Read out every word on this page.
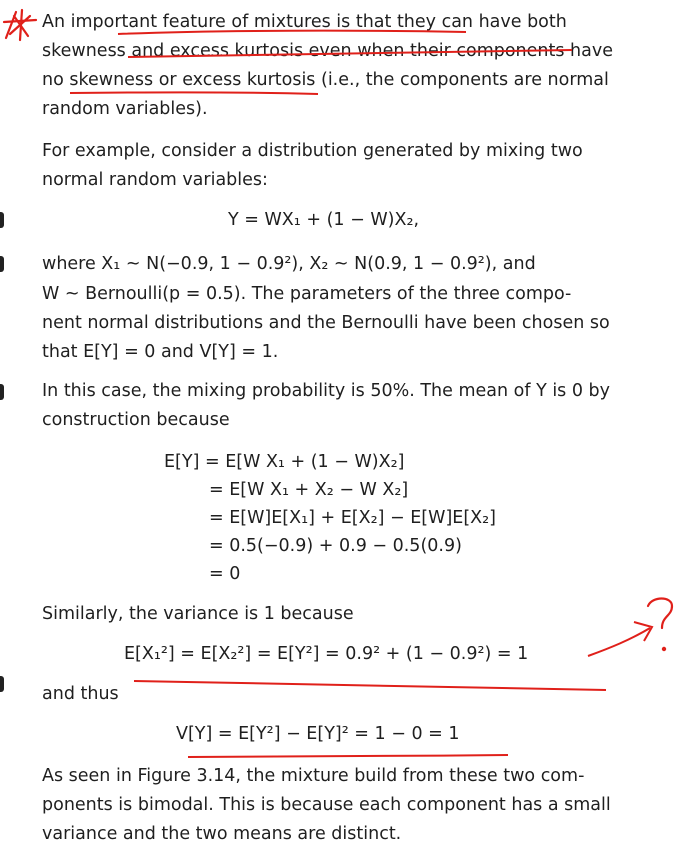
An important feature of mixtures is that they can have both

skewness and excess kurtosis even when their components have

no skewness or excess kurtosis (i.e., the components are normal

random variables).

For example, consider a distribution generated by mixing two

normal random variables:

Y = WX₁ + (1 − W)X₂,

where X₁ ~ N(−0.9, 1 − 0.9²), X₂ ~ N(0.9, 1 − 0.9²), and

W ~ Bernoulli(p = 0.5). The parameters of the three compo-

nent normal distributions and the Bernoulli have been chosen so

that E[Y] = 0 and V[Y] = 1.

In this case, the mixing probability is 50%. The mean of Y is 0 by

construction because

E[Y] = E[W X₁ + (1 − W)X₂]

= E[W X₁ + X₂ − W X₂]

= E[W]E[X₁] + E[X₂] − E[W]E[X₂]

= 0.5(−0.9) + 0.9 − 0.5(0.9)

= 0

Similarly, the variance is 1 because

E[X₁²] = E[X₂²] = E[Y²] = 0.9² + (1 − 0.9²) = 1

and thus

V[Y] = E[Y²] − E[Y]² = 1 − 0 = 1

As seen in Figure 3.14, the mixture build from these two com-

ponents is bimodal. This is because each component has a small

variance and the two means are distinct.
